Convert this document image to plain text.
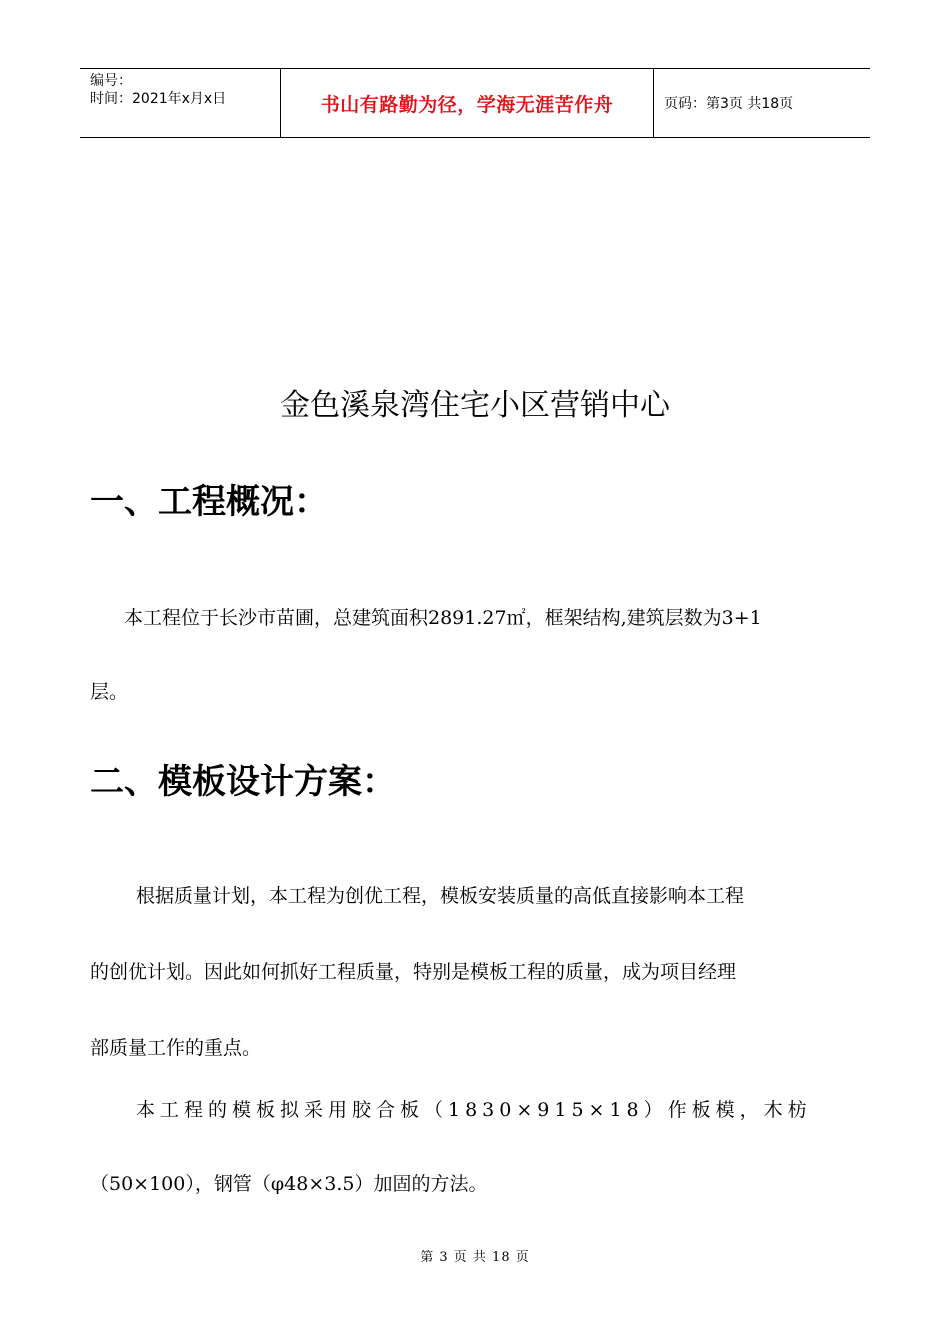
编号：
时间：2021年x月x日	书山有路勤为径，学海无涯苦作舟	页码：第3页 共18页
金色溪泉湾住宅小区营销中心
一、工程概况：
本工程位于长沙市苗圃，总建筑面积2891.27㎡，框架结构,建筑层数为3+1
层。
二、模板设计方案：
根据质量计划，本工程为创优工程，模板安装质量的高低直接影响本工程
的创优计划。因此如何抓好工程质量，特别是模板工程的质量，成为项目经理
部质量工作的重点。
本工程的模板拟采用胶合板（1830×915×18）作板模，木枋
（50×100），钢管（φ48×3.5）加固的方法。
第 3 页 共 18 页
